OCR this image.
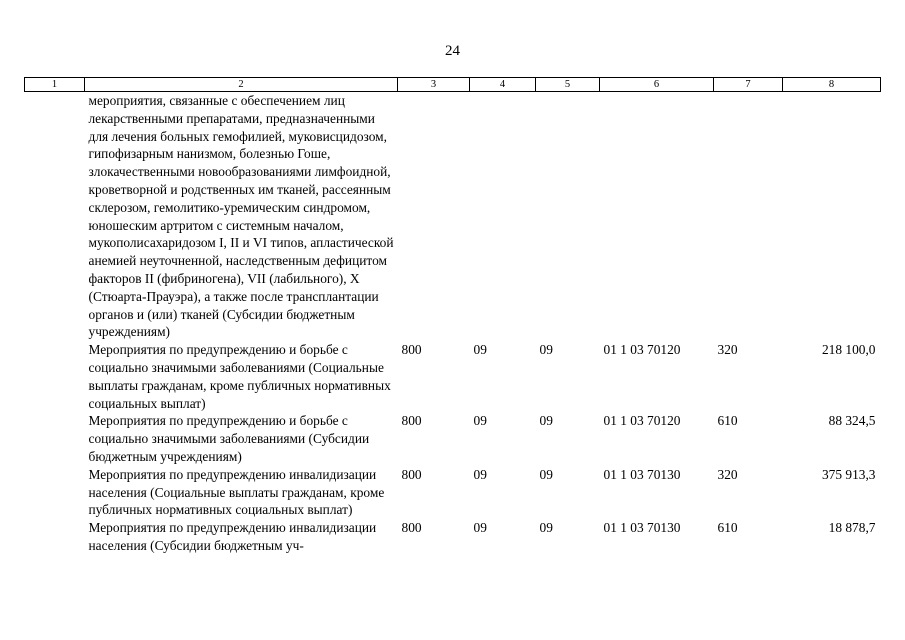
24
1	2	3	4	5	6	7	8
	мероприятия, связанные с обеспечением лиц лекарственными препаратами, предназначенными для лечения больных гемофилией, муковисцидозом, гипофизарным нанизмом, болезнью Гоше, злокачественными новообразованиями лимфоидной, кроветворной и родственных им тканей, рассеянным склерозом, гемолитико-уремическим синдромом, юношеским артритом с системным началом, мукополисахаридозом I, II и VI типов, апластической анемией неуточненной, наследственным дефицитом факторов II (фибриногена), VII (лабильного), X (Стюарта-Прауэра), а также после трансплантации органов и (или) тканей (Субсидии бюджетным учреждениям)						
	Мероприятия по предупреждению и борьбе с социально значимыми заболеваниями (Социальные выплаты гражданам, кроме публичных нормативных социальных выплат)	800	09	09	01 1 03 70120	320	218 100,0
	Мероприятия по предупреждению и борьбе с социально значимыми заболеваниями (Субсидии бюджетным учреждениям)	800	09	09	01 1 03 70120	610	88 324,5
	Мероприятия по предупреждению инвалидизации населения (Социальные выплаты гражданам, кроме публичных нормативных социальных выплат)	800	09	09	01 1 03 70130	320	375 913,3
	Мероприятия по предупреждению инвалидизации населения (Субсидии бюджетным уч-	800	09	09	01 1 03 70130	610	18 878,7
